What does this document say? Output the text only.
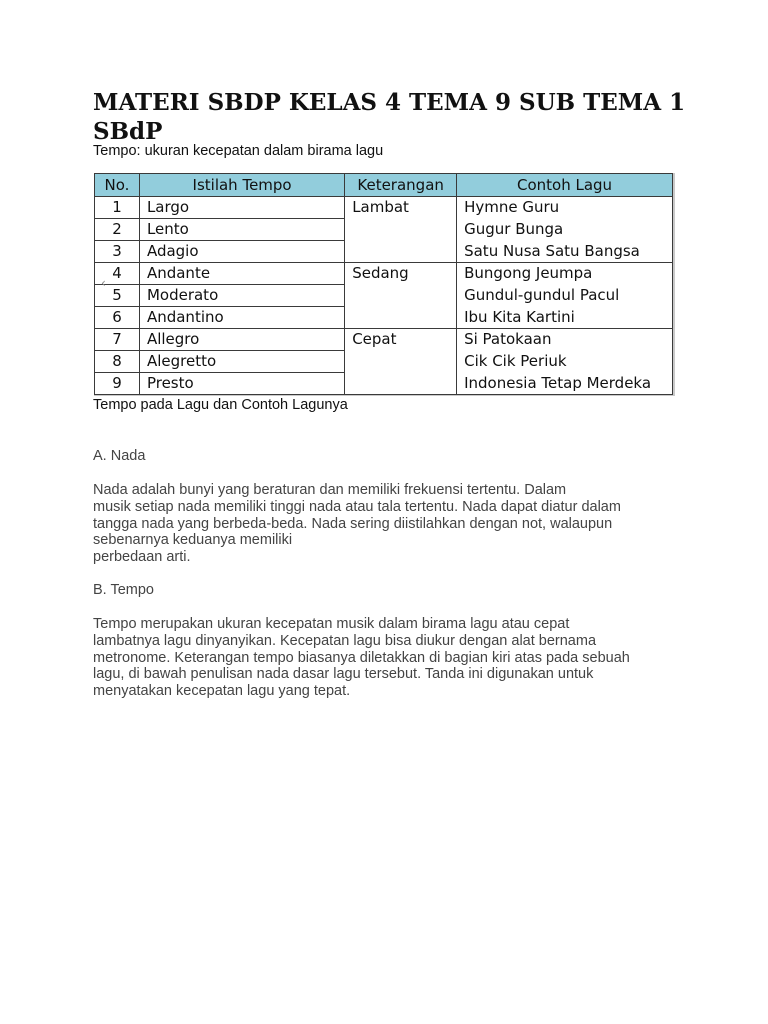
MATERI SBDP KELAS 4 TEMA 9 SUB TEMA 1 SBdP

Tempo: ukuran kecepatan dalam birama lagu

No.	Istilah Tempo	Keterangan	Contoh Lagu
1	Largo	Lambat	Hymne Guru
2	Lento		Gugur Bunga
3	Adagio		Satu Nusa Satu Bangsa
4	Andante	Sedang	Bungong Jeumpa
5	Moderato		Gundul-gundul Pacul
6	Andantino		Ibu Kita Kartini
7	Allegro	Cepat	Si Patokaan
8	Alegretto		Cik Cik Periuk
9	Presto		Indonesia Tetap Merdeka
‹

Tempo pada Lagu dan Contoh Lagunya

A. Nada

Nada adalah bunyi yang beraturan dan memiliki frekuensi tertentu. Dalam
musik setiap nada memiliki tinggi nada atau tala tertentu. Nada dapat diatur dalam
tangga nada yang berbeda-beda. Nada sering diistilahkan dengan not, walaupun
sebenarnya keduanya memiliki
perbedaan arti.

B. Tempo

Tempo merupakan ukuran kecepatan musik dalam birama lagu atau cepat
lambatnya lagu dinyanyikan. Kecepatan lagu bisa diukur dengan alat bernama
metronome. Keterangan tempo biasanya diletakkan di bagian kiri atas pada sebuah
lagu, di bawah penulisan nada dasar lagu tersebut. Tanda ini digunakan untuk
menyatakan kecepatan lagu yang tepat.
